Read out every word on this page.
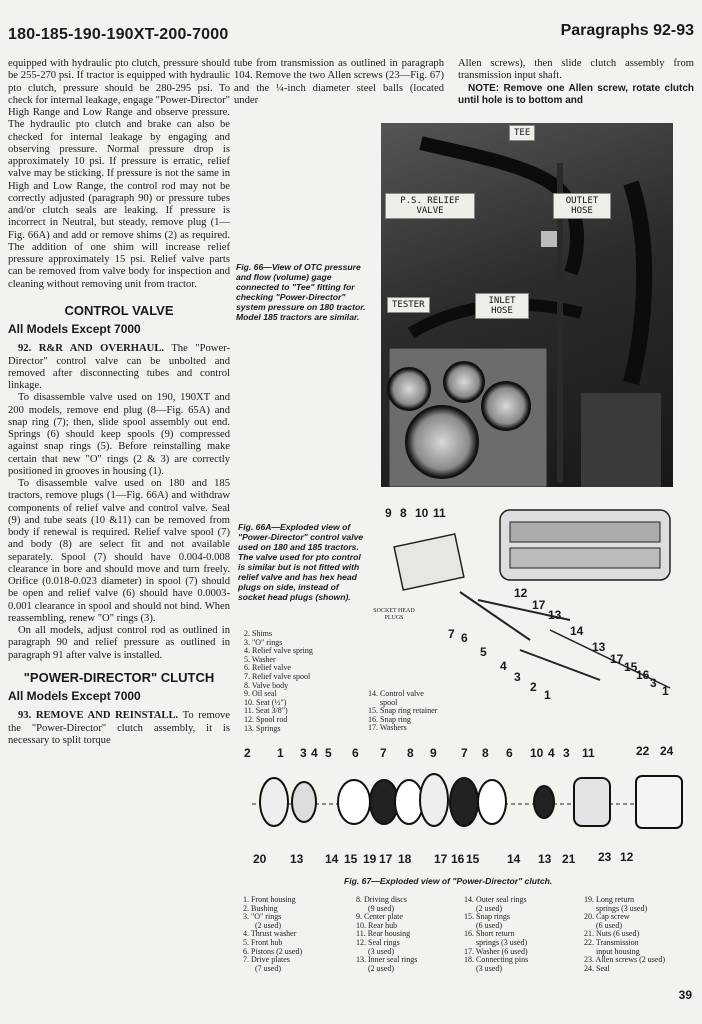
180-185-190-190XT-200-7000	Paragraphs 92-93

equipped with hydraulic pto clutch, pressure should be 255-270 psi. If tractor is equipped with hydraulic pto clutch, pressure should be 280-295 psi. To check for internal leakage, engage "Power-Director" High Range and Low Range and observe pressure. The hydraulic pto clutch and brake can also be checked for internal leakage by engaging and observing pressure. Normal pressure drop is approximately 10 psi. If pressure is erratic, relief valve may be sticking. If pressure is not the same in High and Low Range, the control rod may not be correctly adjusted (paragraph 90) or pressure tubes and/or clutch seals are leaking. If pressure is incorrect in Neutral, but steady, remove plug (1—Fig. 66A) and add or remove shims (2) as required. The addition of one shim will increase relief pressure approximately 15 psi. Relief valve parts can be removed from valve body for inspection and cleaning without removing unit from tractor.

CONTROL VALVE

All Models Except 7000

92. R&R AND OVERHAUL. The "Power-Director" control valve can be unbolted and removed after disconnecting tubes and control linkage.

To disassemble valve used on 190, 190XT and 200 models, remove end plug (8—Fig. 65A) and snap ring (7); then, slide spool assembly out end. Springs (6) should keep spools (9) compressed against snap rings (5). Before reinstalling make certain that new "O" rings (2 & 3) are correctly positioned in grooves in housing (1).

To disassemble valve used on 180 and 185 tractors, remove plugs (1—Fig. 66A) and withdraw components of relief valve and control valve. Seal (9) and tube seats (10 &11) can be removed from body if renewal is required. Relief valve spool (7) and body (8) are select fit and not available separately. Spool (7) should have 0.004-0.008 clearance in bore and should move and turn freely. Orifice (0.018-0.023 diameter) in spool (7) should be open and relief valve (6) should have 0.0003-0.001 clearance in spool and should not bind. When reassembling, renew "O" rings (3).

On all models, adjust control rod as outlined in paragraph 90 and relief pressure as outlined in paragraph 91 after valve is installed.

"POWER-DIRECTOR" CLUTCH

All Models Except 7000

93. REMOVE AND REINSTALL. To remove the "Power-Director" clutch assembly, it is necessary to split torque

tube from transmission as outlined in paragraph 104. Remove the two Allen screws (23—Fig. 67) and the ¼-inch diameter steel balls (located under

Allen screws), then slide clutch assembly from transmission input shaft.

NOTE: Remove one Allen screw, rotate clutch until hole is to bottom and

TEE
P.S. RELIEF VALVE
OUTLET HOSE
TESTER	INLET HOSE
Fig. 66—View of OTC pressure and flow (volume) gage connected to "Tee" fitting for checking "Power-Director" system pressure on 180 tractor. Model 185 tractors are similar.
Fig. 66A—Exploded view of "Power-Director" control valve used on 180 and 185 tractors. The valve used for pto control is similar but is not fitted with relief valve and has hex head plugs on side, instead of socket head plugs (shown).
9 8 10 11
7 6
5
4
3
2
1
12
17
13
14
13
17
15
16
3
1
SOCKET HEAD PLUGS
2. Shims
3. "O" rings
4. Relief valve spring
5. Washer
6. Relief valve
7. Relief valve spool
8. Valve body
9. Oil seal
10. Seat (½")
11. Seat 3/8")
12. Spool rod
13. Springs
14. Control valve
spool
15. Snap ring retainer
16. Snap ring
17. Washers
2 1 3 4 5 6 7 8 9 7 8 6 10 4 3 11	22 24
20 13 14 15 19 17 18 17 16 15 14 13 21 23 12
Fig. 67—Exploded view of "Power-Director" clutch.
1. Front housing
2. Bushing
3. "O" rings
(2 used)
4. Thrust washer
5. Front hub
6. Pistons (2 used)
7. Drive plates
(7 used)
8. Driving discs
(9 used)
9. Center plate
10. Rear hub
11. Rear housing
12. Seal rings
(3 used)
13. Inner seal rings
(2 used)
14. Outer seal rings
(2 used)
15. Snap rings
(6 used)
16. Short return
springs (3 used)
17. Washer (6 used)
18. Connecting pins
(3 used)
19. Long return
springs (3 used)
20. Cap screw
(6 used)
21. Nuts (6 used)
22. Transmission
input housing
23. Allen screws (2 used)
24. Seal
39
